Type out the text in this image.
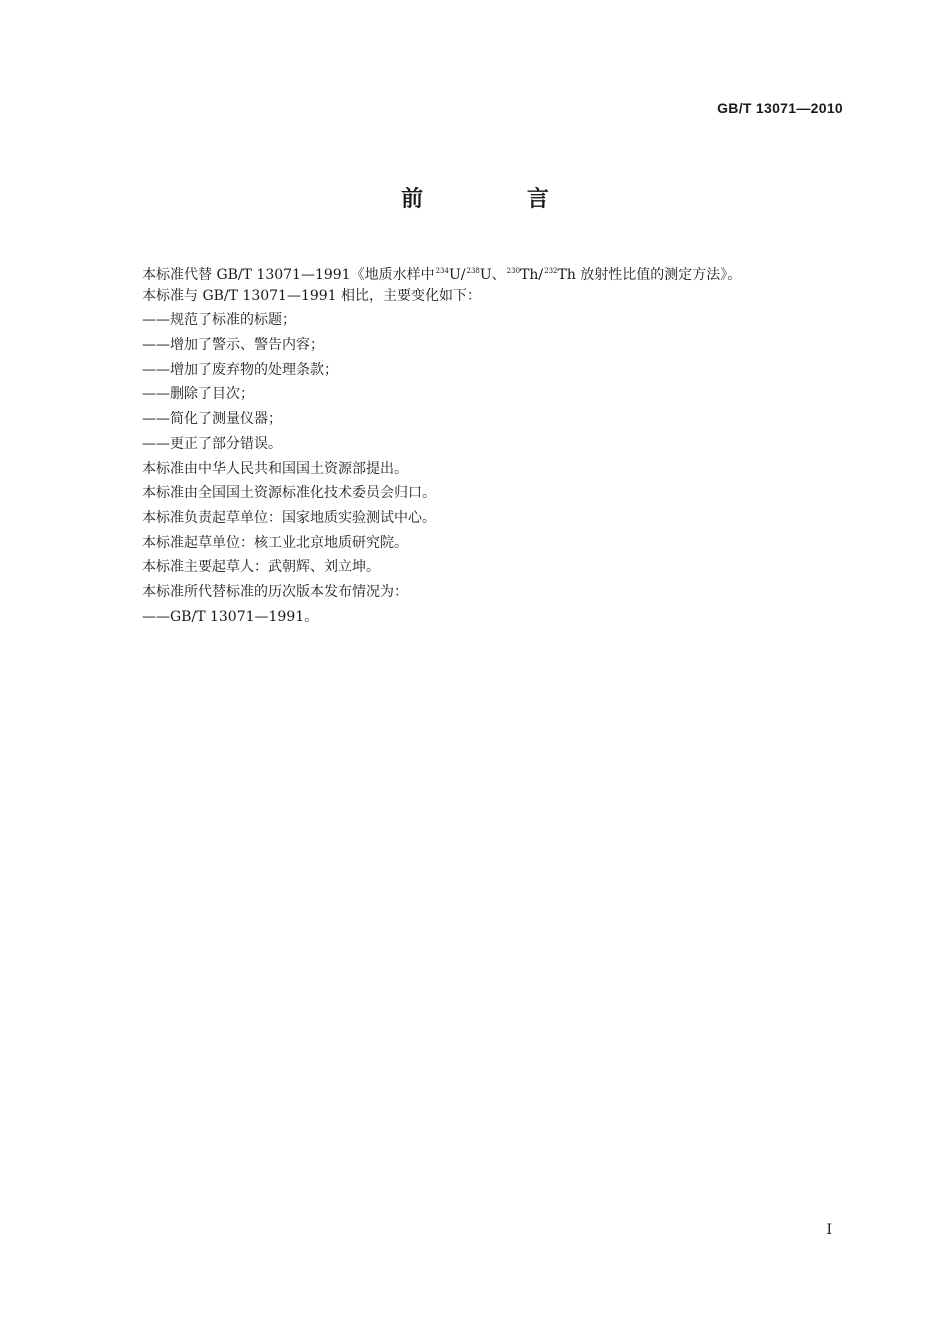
GB/T 13071—2010
前 言
本标准代替 GB/T 13071—1991《地质水样中$^{234}$U/$^{238}$U、$^{230}$Th/$^{232}$Th 放射性比值的测定方法》。
本标准与 GB/T 13071—1991 相比，主要变化如下：
——规范了标准的标题；
——增加了警示、警告内容；
——增加了废弃物的处理条款；
——删除了目次；
——简化了测量仪器；
——更正了部分错误。
本标准由中华人民共和国国土资源部提出。
本标准由全国国土资源标准化技术委员会归口。
本标准负责起草单位：国家地质实验测试中心。
本标准起草单位：核工业北京地质研究院。
本标准主要起草人：武朝辉、刘立坤。
本标准所代替标准的历次版本发布情况为：
——GB/T 13071—1991。
I
